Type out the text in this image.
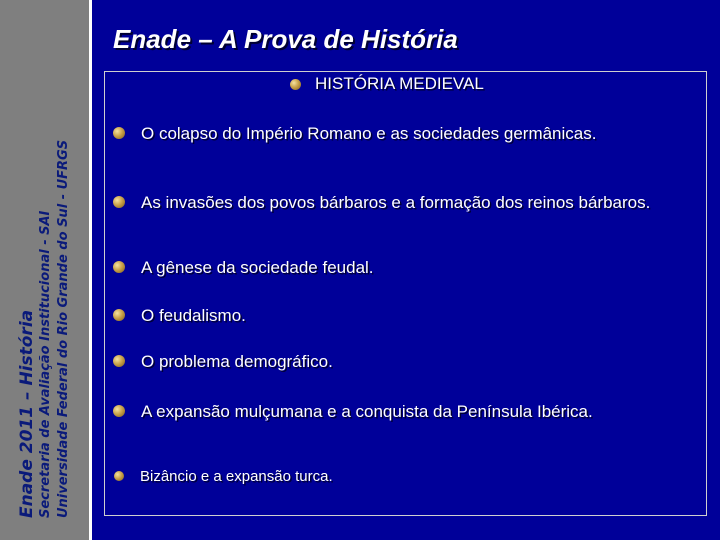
Enade 2011 – História Secretaria de Avaliação Institucional - SAI Universidade Federal do Rio Grande do Sul - UFRGS
Enade – A Prova de História
HISTÓRIA MEDIEVAL
O colapso do Império Romano e as sociedades germânicas.
As invasões dos povos bárbaros e a formação dos reinos bárbaros.
A gênese da sociedade feudal.
O feudalismo.
O problema demográfico.
A expansão mulçumana e a conquista da Península Ibérica.
Bizâncio e a expansão turca.
